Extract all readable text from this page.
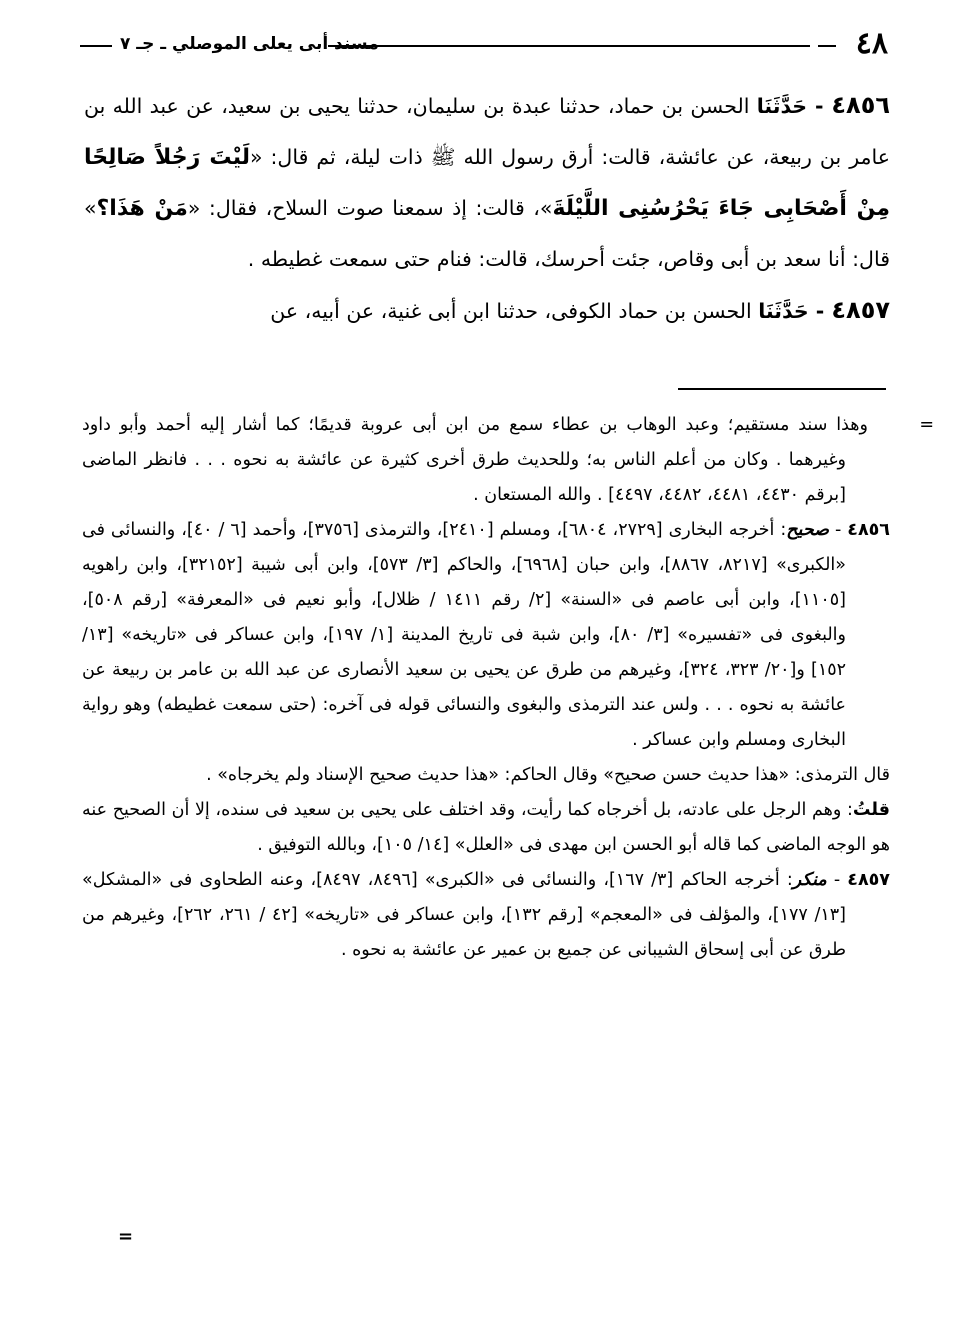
٤٨
مسند أبى يعلى الموصلي ـ جـ ٧

٤٨٥٦ - حَدَّثَنَا الحسن بن حماد، حدثنا عبدة بن سليمان، حدثنا يحيى بن سعيد، عن عبد الله بن عامر بن ربيعة، عن عائشة، قالت: أرق رسول الله ﷺ ذات ليلة، ثم قال: «لَيْتَ رَجُلاً صَالِحًا مِنْ أَصْحَابِى جَاءَ يَحْرُسُنِى اللَّيْلَةَ»، قالت: إذ سمعنا صوت السلاح، فقال: «مَنْ هَذَا؟» قال: أنا سعد بن أبى وقاص، جئت أحرسك، قالت: فنام حتى سمعت غطيطه .

٤٨٥٧ - حَدَّثَنَا الحسن بن حماد الكوفى، حدثنا ابن أبى غنية، عن أبيه، عن

=وهذا سند مستقيم؛ وعبد الوهاب بن عطاء سمع من ابن أبى عروبة قديمًا؛ كما أشار إليه أحمد وأبو داود وغيرهما . وكان من أعلم الناس به؛ وللحديث طرق أخرى كثيرة عن عائشة به نحوه . . . فانظر الماضى [برقم ٤٤٣٠، ٤٤٨١، ٤٤٨٢، ٤٤٩٧] . والله المستعان .

٤٨٥٦ - صحيح: أخرجه البخارى [٢٧٢٩، ٦٨٠٤]، ومسلم [٢٤١٠]، والترمذى [٣٧٥٦]، وأحمد [٦ / ٤٠]، والنسائى فى «الكبرى» [٨٢١٧، ٨٨٦٧]، وابن حبان [٦٩٦٨]، والحاكم [٣/ ٥٧٣]، وابن أبى شيبة [٣٢١٥٢]، وابن راهويه [١١٠٥]، وابن أبى عاصم فى «السنة» [٢/ رقم ١٤١١ / ظلال]، وأبو نعيم فى «المعرفة» [رقم ٥٠٨]، والبغوى فى «تفسيره» [٣/ ٨٠]، وابن شبة فى تاريخ المدينة [١/ ١٩٧]، وابن عساكر فى «تاريخه» [١٣/ ١٥٢] و[٢٠/ ٣٢٣، ٣٢٤]، وغيرهم من طرق عن يحيى بن سعيد الأنصارى عن عبد الله بن عامر بن ربيعة عن عائشة به نحوه . . . ولس عند الترمذى والبغوى والنسائى قوله فى آخره: (حتى سمعت غطيطه) وهو رواية البخارى ومسلم وابن عساكر .

قال الترمذى: «هذا حديث حسن صحيح» وقال الحاكم: «هذا حديث صحيح الإسناد ولم يخرجاه» .

قلتُ: وهم الرجل على عادته، بل أخرجاه كما رأيت، وقد اختلف على يحيى بن سعيد فى سنده، إلا أن الصحيح عنه هو الوجه الماضى كما قاله أبو الحسن ابن مهدى فى «العلل» [١٤/ ١٠٥]، وبالله التوفيق .

٤٨٥٧ - منكر: أخرجه الحاكم [٣/ ١٦٧]، والنسائى فى «الكبرى» [٨٤٩٦، ٨٤٩٧]، وعنه الطحاوى فى «المشكل» [١٣/ ١٧٧]، والمؤلف فى «المعجم» [رقم ١٣٢]، وابن عساكر فى «تاريخه» [٤٢ / ٢٦١، ٢٦٢]، وغيرهم من طرق عن أبى إسحاق الشيبانى عن جميع بن عمير عن عائشة به نحوه .

=
